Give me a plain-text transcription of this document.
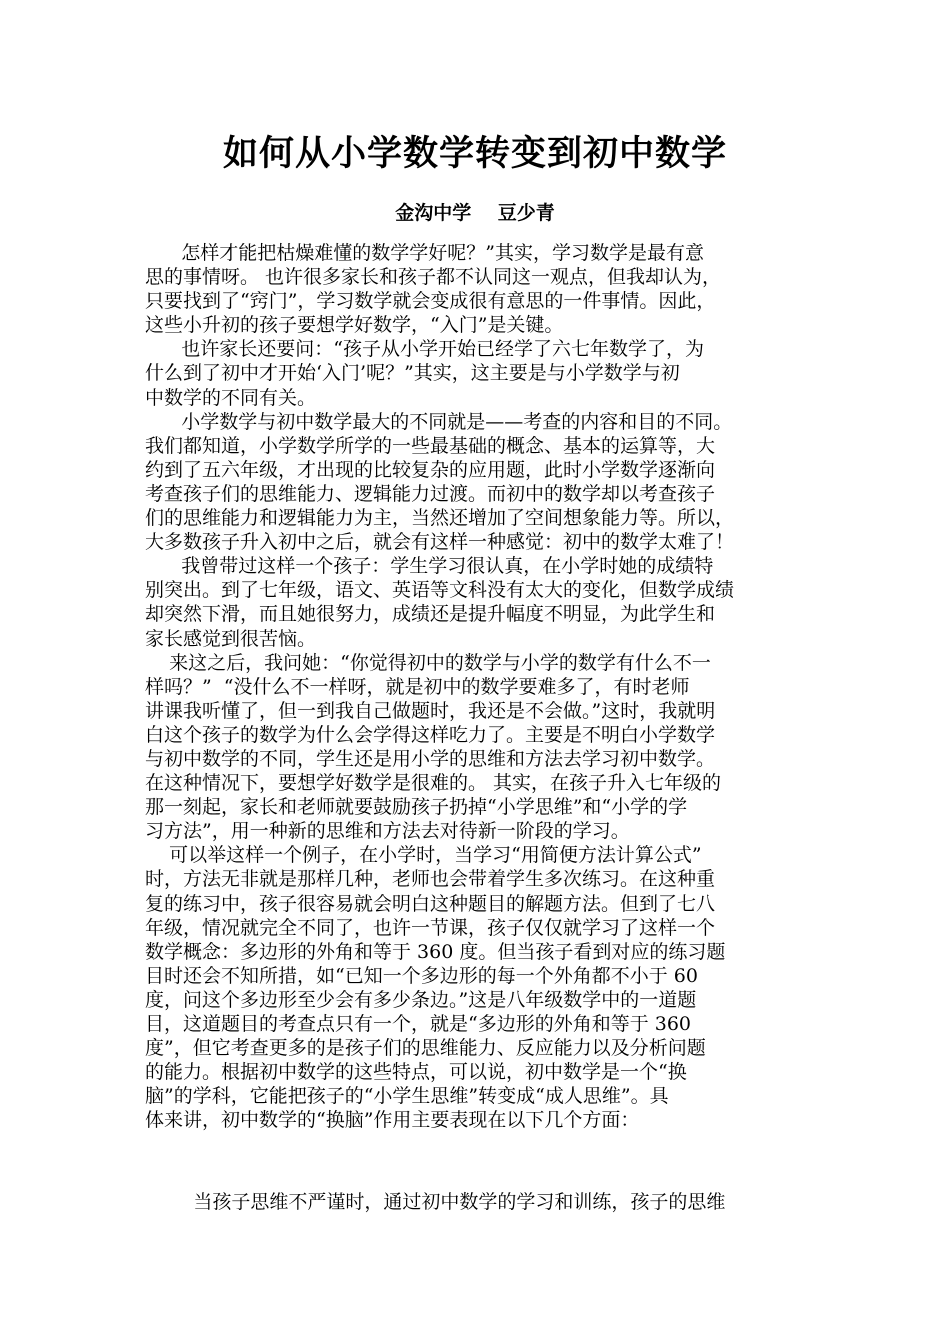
如何从小学数学转变到初中数学
金沟中学    豆少青
怎样才能把枯燥难懂的数学学好呢？”其实，学习数学是最有意
思的事情呀。 也许很多家长和孩子都不认同这一观点，但我却认为，
只要找到了“窍门”，学习数学就会变成很有意思的一件事情。因此，
这些小升初的孩子要想学好数学，“入门”是关键。
也许家长还要问：“孩子从小学开始已经学了六七年数学了，为
什么到了初中才开始‘入门’呢？”其实，这主要是与小学数学与初
中数学的不同有关。
小学数学与初中数学最大的不同就是——考查的内容和目的不同。
我们都知道，小学数学所学的一些最基础的概念、基本的运算等，大
约到了五六年级，才出现的比较复杂的应用题，此时小学数学逐渐向
考查孩子们的思维能力、逻辑能力过渡。而初中的数学却以考查孩子
们的思维能力和逻辑能力为主，当然还增加了空间想象能力等。所以，
大多数孩子升入初中之后，就会有这样一种感觉：初中的数学太难了！
我曾带过这样一个孩子：学生学习很认真，在小学时她的成绩特
别突出。到了七年级，语文、英语等文科没有太大的变化，但数学成绩
却突然下滑，而且她很努力，成绩还是提升幅度不明显，为此学生和
家长感觉到很苦恼。
来这之后，我问她：“你觉得初中的数学与小学的数学有什么不一
样吗？”  “没什么不一样呀，就是初中的数学要难多了，有时老师
讲课我听懂了，但一到我自己做题时，我还是不会做。”这时，我就明
白这个孩子的数学为什么会学得这样吃力了。主要是不明白小学数学
与初中数学的不同，学生还是用小学的思维和方法去学习初中数学。
在这种情况下，要想学好数学是很难的。 其实，在孩子升入七年级的
那一刻起，家长和老师就要鼓励孩子扔掉“小学思维”和“小学的学
习方法”，用一种新的思维和方法去对待新一阶段的学习。
可以举这样一个例子，在小学时，当学习“用简便方法计算公式”
时，方法无非就是那样几种，老师也会带着学生多次练习。在这种重
复的练习中，孩子很容易就会明白这种题目的解题方法。但到了七八
年级，情况就完全不同了，也许一节课，孩子仅仅就学习了这样一个
数学概念：多边形的外角和等于 360 度。但当孩子看到对应的练习题
目时还会不知所措，如“已知一个多边形的每一个外角都不小于 60
度，问这个多边形至少会有多少条边。”这是八年级数学中的一道题
目，这道题目的考查点只有一个，就是“多边形的外角和等于 360
度”，但它考查更多的是孩子们的思维能力、反应能力以及分析问题
的能力。根据初中数学的这些特点，可以说，初中数学是一个“换
脑”的学科，它能把孩子的“小学生思维”转变成“成人思维”。具
体来讲，初中数学的“换脑”作用主要表现在以下几个方面：
当孩子思维不严谨时，通过初中数学的学习和训练，孩子的思维
